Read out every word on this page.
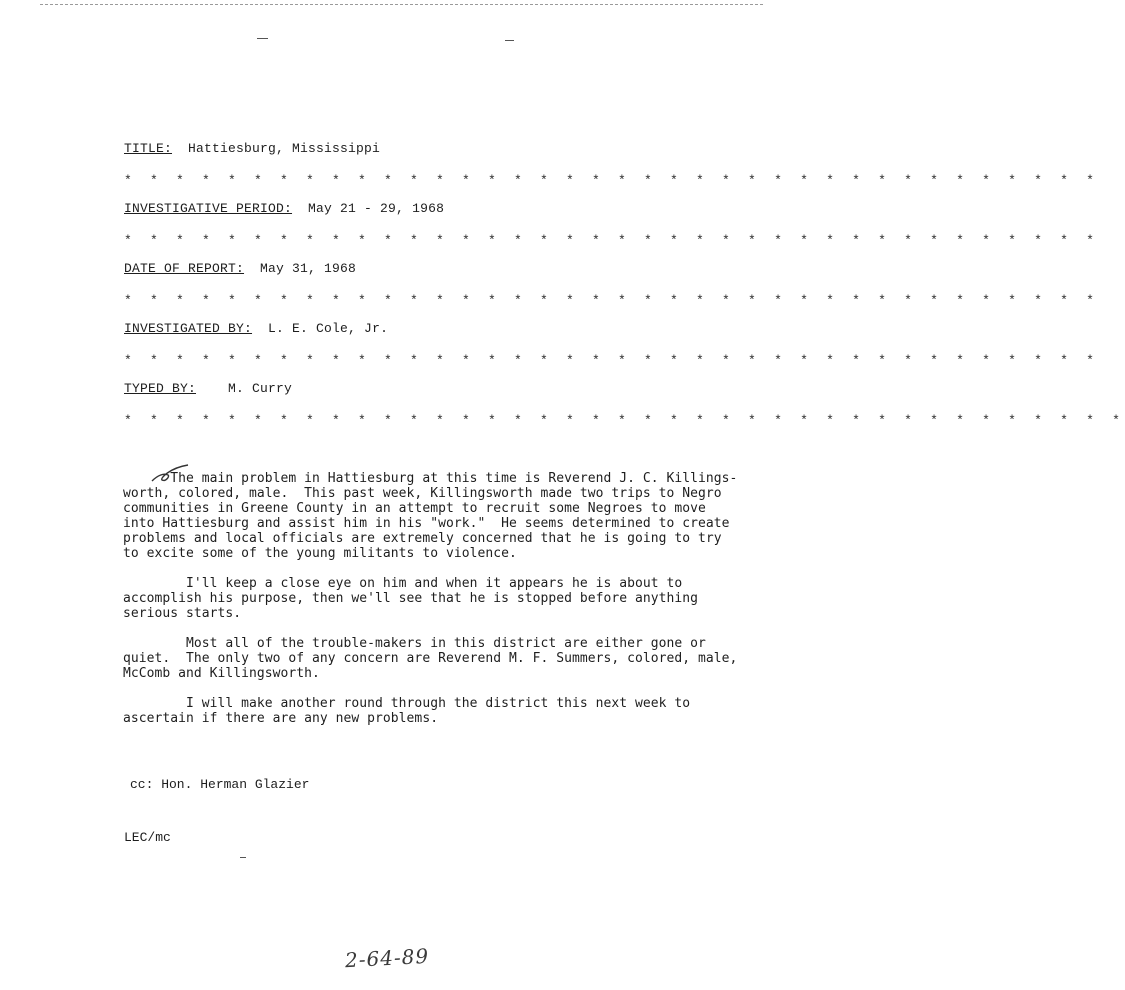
TITLE: Hattiesburg, Mississippi
* * * * * * * * * * * * * * * * * * * * * * * * * * * * * * * * * * * * * *
INVESTIGATIVE PERIOD: May 21 - 29, 1968
* * * * * * * * * * * * * * * * * * * * * * * * * * * * * * * * * * * * * *
DATE OF REPORT: May 31, 1968
* * * * * * * * * * * * * * * * * * * * * * * * * * * * * * * * * * * * * *
INVESTIGATED BY: L. E. Cole, Jr.
* * * * * * * * * * * * * * * * * * * * * * * * * * * * * * * * * * * * * *
TYPED BY: M. Curry
* * * * * * * * * * * * * * * * * * * * * * * * * * * * * * * * * * * * * * *
The main problem in Hattiesburg at this time is Reverend J. C. Killings-
worth, colored, male.  This past week, Killingsworth made two trips to Negro
communities in Greene County in an attempt to recruit some Negroes to move
into Hattiesburg and assist him in his "work."  He seems determined to create
problems and local officials are extremely concerned that he is going to try
to excite some of the young militants to violence.
I'll keep a close eye on him and when it appears he is about to
accomplish his purpose, then we'll see that he is stopped before anything
serious starts.
Most all of the trouble-makers in this district are either gone or
quiet.  The only two of any concern are Reverend M. F. Summers, colored, male,
McComb and Killingsworth.
I will make another round through the district this next week to
ascertain if there are any new problems.
cc: Hon. Herman Glazier
LEC/mc
2-64-89
